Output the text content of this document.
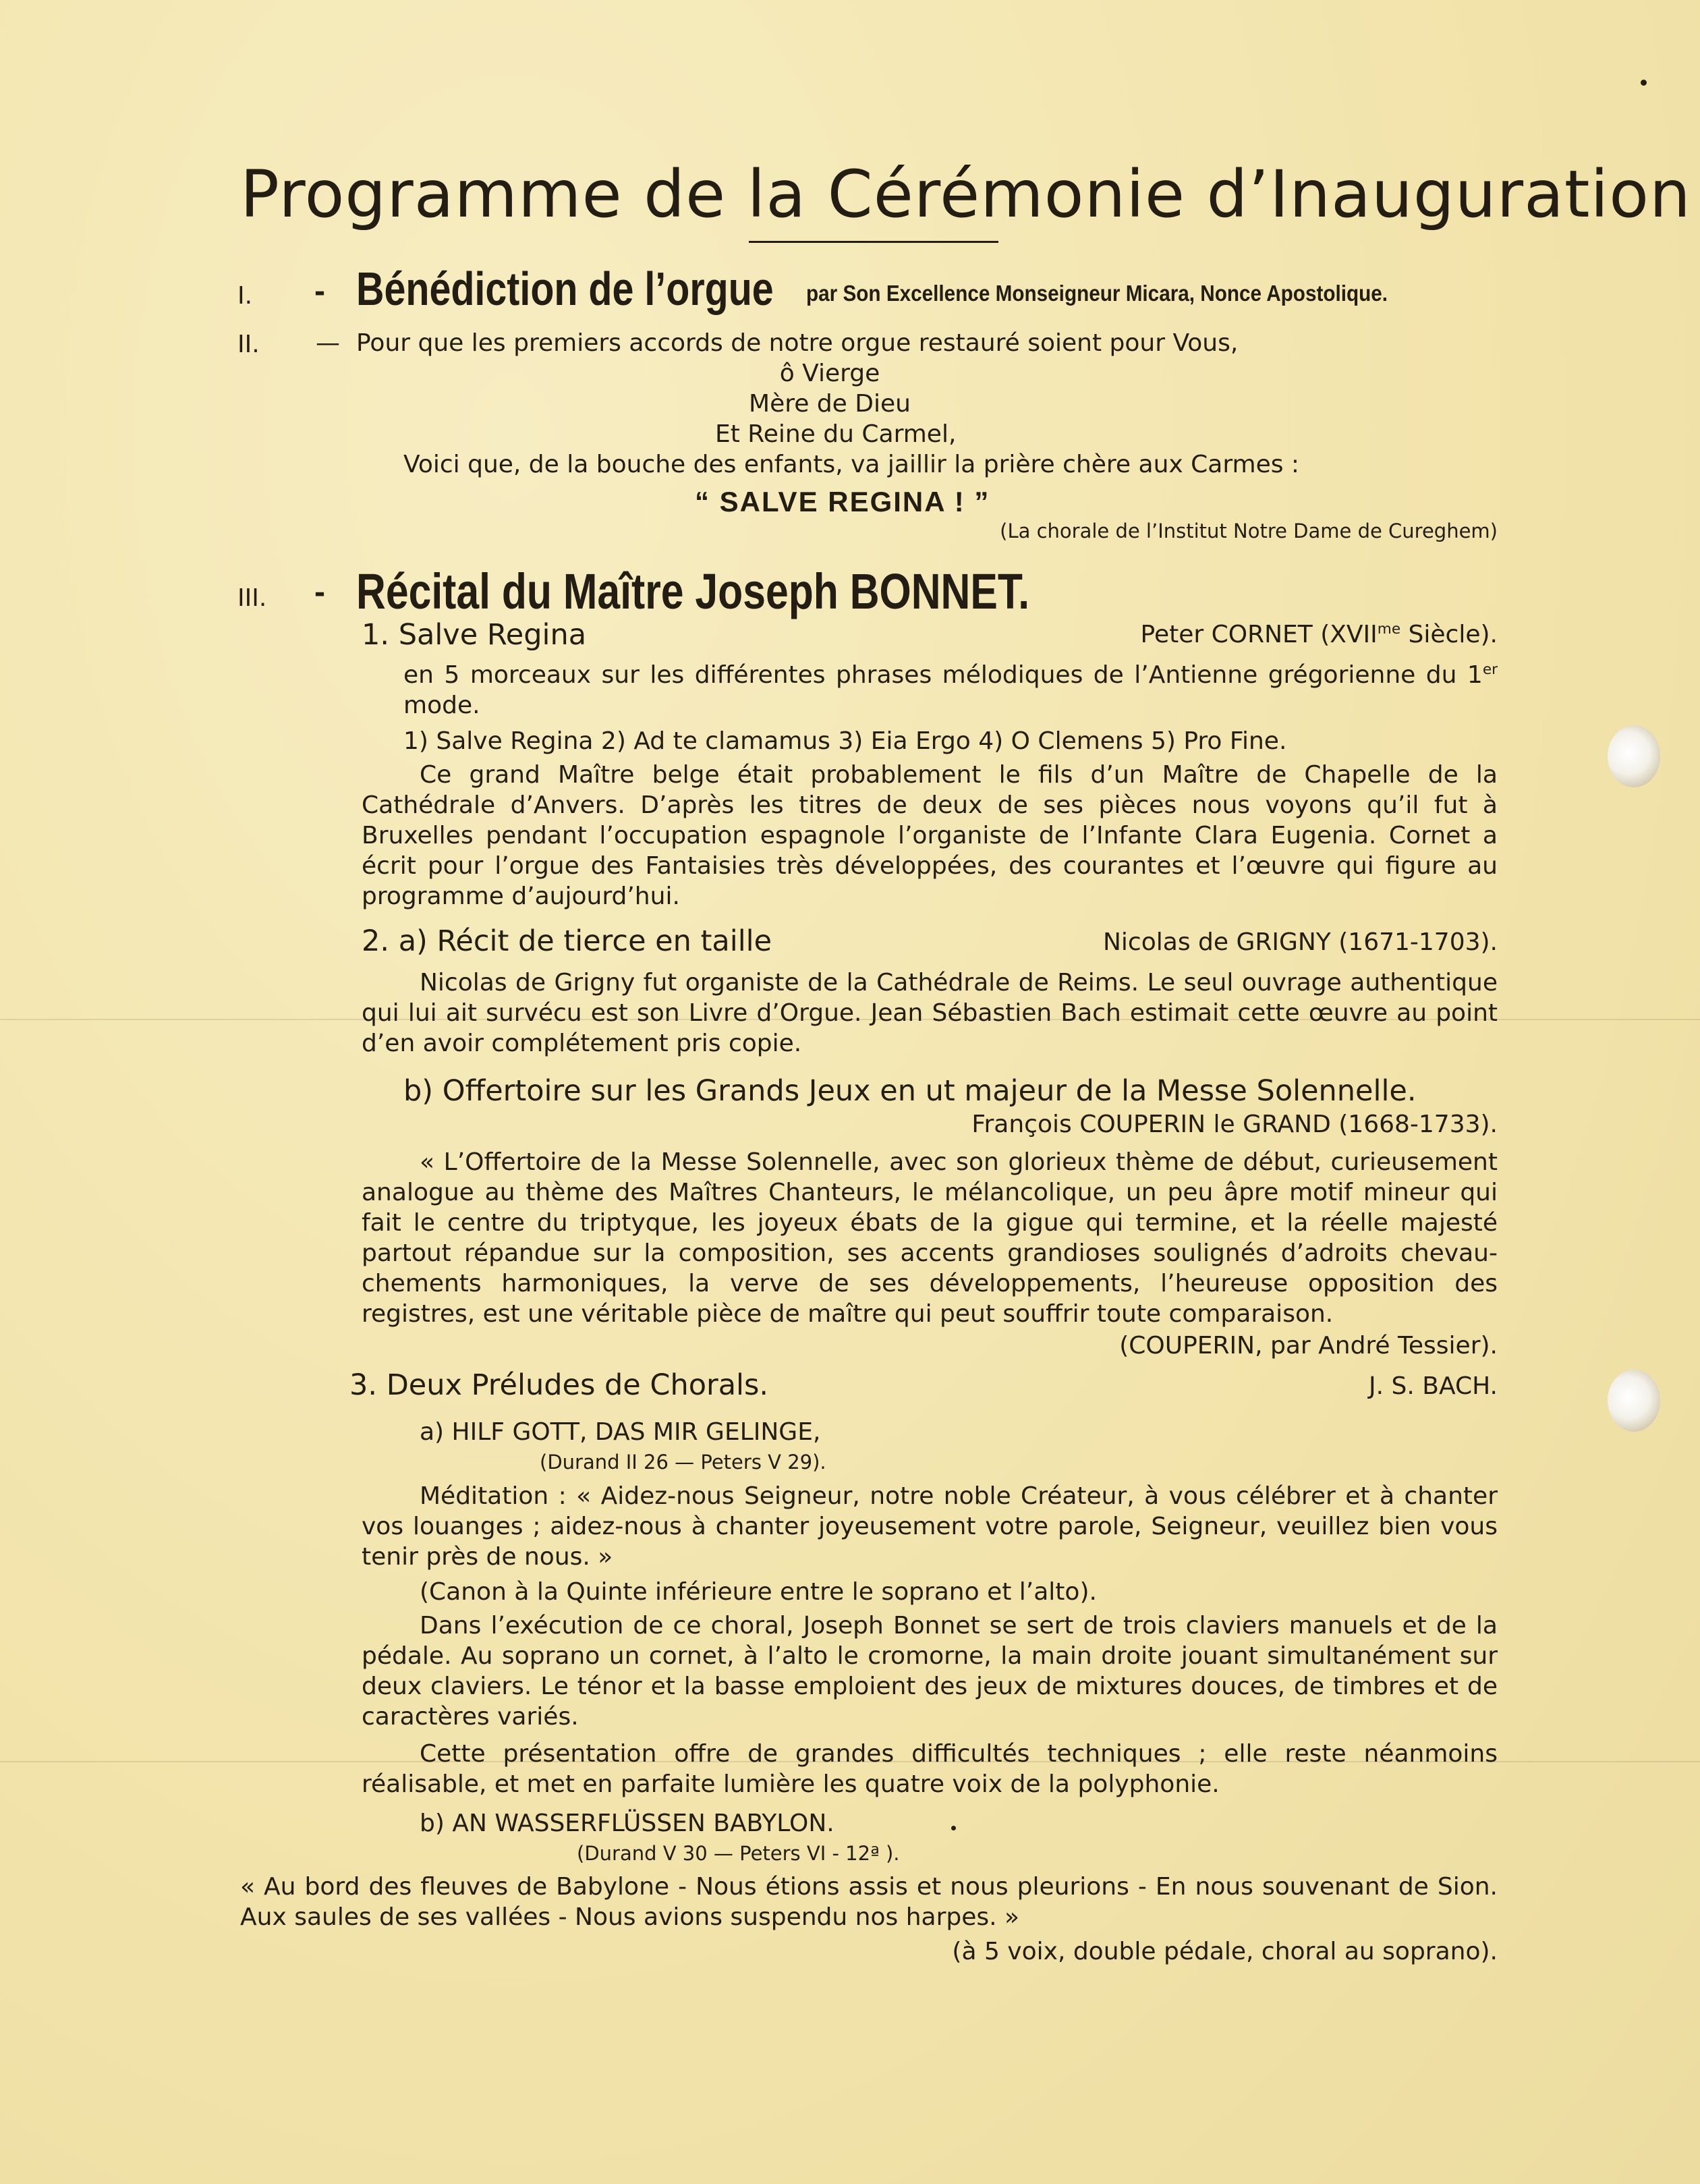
Programme de la Cérémonie d’Inauguration
I. - Bénédiction de l’orgue par Son Excellence Monseigneur Micara, Nonce Apostolique.
II. — Pour que les premiers accords de notre orgue restauré soient pour Vous,
ô Vierge
Mère de Dieu
Et Reine du Carmel,
Voici que, de la bouche des enfants, va jaillir la prière chère aux Carmes :
“ SALVE REGINA ! ”
(La chorale de l’Institut Notre Dame de Cureghem)
III. - Récital du Maître Joseph BONNET.
1. Salve Regina	Peter CORNET ($XVII^{me}$ Siècle).
en 5 morceaux sur les différentes phrases mélodiques de l’Antienne grégorienne du 1er mode.
1) Salve Regina 2) Ad te clamamus 3) Eia Ergo 4) O Clemens 5) Pro Fine.
Ce grand Maître belge était probablement le fils d’un Maître de Chapelle de la Cathédrale d’Anvers. D’après les titres de deux de ses pièces nous voyons qu’il fut à Bruxelles pendant l’occupation espagnole l’organiste de l’Infante Clara Eugenia. Cornet a écrit pour l’orgue des Fantaisies très développées, des courantes et l’œuvre qui figure au programme d’aujourd’hui.
2. a) Récit de tierce en taille	Nicolas de GRIGNY (1671-1703).
Nicolas de Grigny fut organiste de la Cathédrale de Reims. Le seul ouvrage authentique qui lui ait survécu est son Livre d’Orgue. Jean Sébastien Bach estimait cette œuvre au point d’en avoir complétement pris copie.
b) Offertoire sur les Grands Jeux en ut majeur de la Messe Solennelle.
François COUPERIN le GRAND (1668-1733).
« L’Offertoire de la Messe Solennelle, avec son glorieux thème de début, curieusement analogue au thème des Maîtres Chanteurs, le mélancolique, un peu âpre motif mineur qui fait le centre du triptyque, les joyeux ébats de la gigue qui termine, et la réelle majesté partout répandue sur la composition, ses accents grandioses soulignés d’adroits chevau-chements harmoniques, la verve de ses développements, l’heureuse opposition des registres, est une véritable pièce de maître qui peut souffrir toute comparaison.
(COUPERIN, par André Tessier).
3. Deux Préludes de Chorals.	J. S. BACH.
a) HILF GOTT, DAS MIR GELINGE,
(Durand II 26 — Peters V 29).
Méditation : « Aidez-nous Seigneur, notre noble Créateur, à vous célébrer et à chanter vos louanges ; aidez-nous à chanter joyeusement votre parole, Seigneur, veuillez bien vous tenir près de nous. »
(Canon à la Quinte inférieure entre le soprano et l’alto).
Dans l’exécution de ce choral, Joseph Bonnet se sert de trois claviers manuels et de la pédale. Au soprano un cornet, à l’alto le cromorne, la main droite jouant simultanément sur deux claviers. Le ténor et la basse emploient des jeux de mixtures douces, de timbres et de caractères variés.
Cette présentation offre de grandes difficultés techniques ; elle reste néanmoins réalisable, et met en parfaite lumière les quatre voix de la polyphonie.
b) AN WASSERFLÜSSEN BABYLON.
(Durand V 30 — Peters VI - 12ª ).
« Au bord des fleuves de Babylone - Nous étions assis et nous pleurions - En nous souvenant de Sion. Aux saules de ses vallées - Nous avions suspendu nos harpes. »
(à 5 voix, double pédale, choral au soprano).
